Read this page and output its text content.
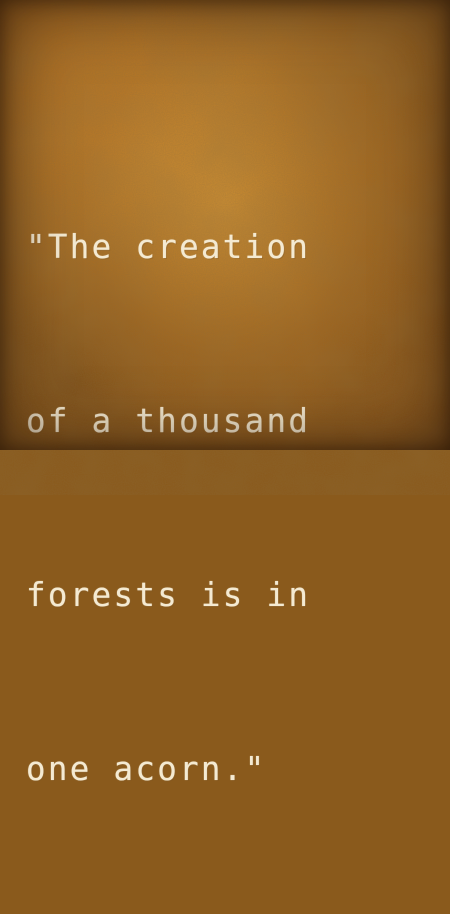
"The creation

of a thousand

forests is in

one acorn."
